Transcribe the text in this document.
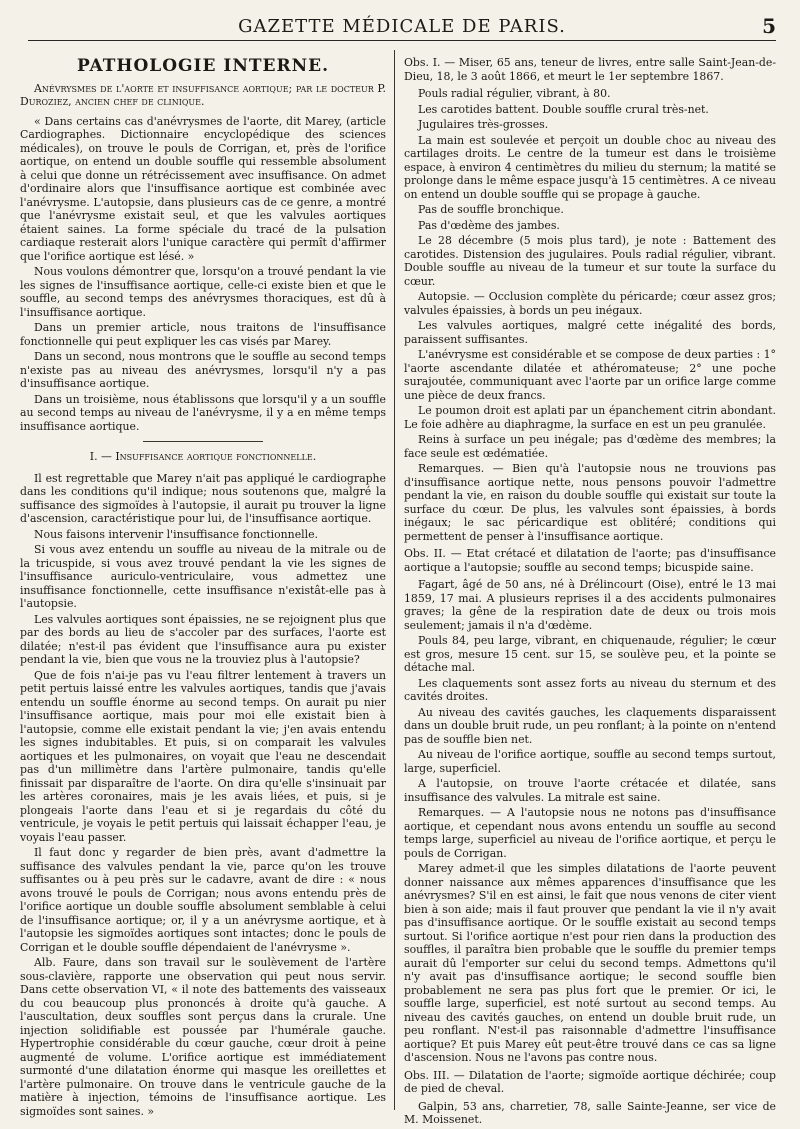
GAZETTE MÉDICALE DE PARIS.	5
PATHOLOGIE INTERNE.

Anévrysmes de l'aorte et insuffisance aortique; par le docteur P. Duroziez, ancien chef de clinique.

« Dans certains cas d'anévrysmes de l'aorte, dit Marey, (article Cardiographes. Dictionnaire encyclopédique des sciences médicales), on trouve le pouls de Corrigan, et, près de l'orifice aortique, on entend un double souffle qui ressemble absolument à celui que donne un rétrécissement avec insuffisance. On admet d'ordinaire alors que l'insuffisance aortique est combinée avec l'anévrysme. L'autopsie, dans plusieurs cas de ce genre, a montré que l'anévrysme existait seul, et que les valvules aortiques étaient saines. La forme spéciale du tracé de la pulsation cardiaque resterait alors l'unique caractère qui permît d'affirmer que l'orifice aortique est lésé. »

Nous voulons démontrer que, lorsqu'on a trouvé pendant la vie les signes de l'insuffisance aortique, celle-ci existe bien et que le souffle, au second temps des anévrysmes thoraciques, est dû à l'insuffisance aortique.

Dans un premier article, nous traitons de l'insuffisance fonctionnelle qui peut expliquer les cas visés par Marey.

Dans un second, nous montrons que le souffle au second temps n'existe pas au niveau des anévrysmes, lorsqu'il n'y a pas d'insuffisance aortique.

Dans un troisième, nous établissons que lorsqu'il y a un souffle au second temps au niveau de l'anévrysme, il y a en même temps insuffisance aortique.

I. — Insuffisance aortique fonctionnelle.

Il est regrettable que Marey n'ait pas appliqué le cardiographe dans les conditions qu'il indique; nous soutenons que, malgré la suffisance des sigmoïdes à l'autopsie, il aurait pu trouver la ligne d'ascension, caractéristique pour lui, de l'insuffisance aortique.

Nous faisons intervenir l'insuffisance fonctionnelle.

Si vous avez entendu un souffle au niveau de la mitrale ou de la tricuspide, si vous avez trouvé pendant la vie les signes de l'insuffisance auriculo-ventriculaire, vous admettez une insuffisance fonctionnelle, cette insuffisance n'existât-elle pas à l'autopsie.

Les valvules aortiques sont épaissies, ne se rejoignent plus que par des bords au lieu de s'accoler par des surfaces, l'aorte est dilatée; n'est-il pas évident que l'insuffisance aura pu exister pendant la vie, bien que vous ne la trouviez plus à l'autopsie?

Que de fois n'ai-je pas vu l'eau filtrer lentement à travers un petit pertuis laissé entre les valvules aortiques, tandis que j'avais entendu un souffle énorme au second temps. On aurait pu nier l'insuffisance aortique, mais pour moi elle existait bien à l'autopsie, comme elle existait pendant la vie; j'en avais entendu les signes indubitables. Et puis, si on comparait les valvules aortiques et les pulmonaires, on voyait que l'eau ne descendait pas d'un millimètre dans l'artère pulmonaire, tandis qu'elle finissait par disparaître de l'aorte. On dira qu'elle s'insinuait par les artères coronaires, mais je les avais liées, et puis, si je plongeais l'aorte dans l'eau et si je regardais du côté du ventricule, je voyais le petit pertuis qui laissait échapper l'eau, je voyais l'eau passer.

Il faut donc y regarder de bien près, avant d'admettre la suffisance des valvules pendant la vie, parce qu'on les trouve suffisantes ou à peu près sur le cadavre, avant de dire : « nous avons trouvé le pouls de Corrigan; nous avons entendu près de l'orifice aortique un double souffle absolument semblable à celui de l'insuffisance aortique; or, il y a un anévrysme aortique, et à l'autopsie les sigmoïdes aortiques sont intactes; donc le pouls de Corrigan et le double souffle dépendaient de l'anévrysme ».

Alb. Faure, dans son travail sur le soulèvement de l'artère sous-clavière, rapporte une observation qui peut nous servir. Dans cette observation VI, « il note des battements des vaisseaux du cou beaucoup plus prononcés à droite qu'à gauche. A l'auscultation, deux souffles sont perçus dans la crurale. Une injection solidifiable est poussée par l'humérale gauche. Hypertrophie considérable du cœur gauche, cœur droit à peine augmenté de volume. L'orifice aortique est immédiatement surmonté d'une dilatation énorme qui masque les oreillettes et l'artère pulmonaire. On trouve dans le ventricule gauche de la matière à injection, témoins de l'insuffisance aortique. Les sigmoïdes sont saines. »

Obs. I. — Miser, 65 ans, teneur de livres, entre salle Saint-Jean-de-Dieu, 18, le 3 août 1866, et meurt le 1er septembre 1867.

Pouls radial régulier, vibrant, à 80.

Les carotides battent. Double souffle crural très-net.

Jugulaires très-grosses.

La main est soulevée et perçoit un double choc au niveau des cartilages droits. Le centre de la tumeur est dans le troisième espace, à environ 4 centimètres du milieu du sternum; la matité se prolonge dans le même espace jusqu'à 15 centimètres. A ce niveau on entend un double souffle qui se propage à gauche.

Pas de souffle bronchique.

Pas d'œdème des jambes.

Le 28 décembre (5 mois plus tard), je note : Battement des carotides. Distension des jugulaires. Pouls radial régulier, vibrant. Double souffle au niveau de la tumeur et sur toute la surface du cœur.

Autopsie. — Occlusion complète du péricarde; cœur assez gros; valvules épaissies, à bords un peu inégaux.

Les valvules aortiques, malgré cette inégalité des bords, paraissent suffisantes.

L'anévrysme est considérable et se compose de deux parties : 1° l'aorte ascendante dilatée et athéromateuse; 2° une poche surajoutée, communiquant avec l'aorte par un orifice large comme une pièce de deux francs.

Le poumon droit est aplati par un épanchement citrin abondant. Le foie adhère au diaphragme, la surface en est un peu granulée.

Reins à surface un peu inégale; pas d'œdème des membres; la face seule est œdématiée.

Remarques. — Bien qu'à l'autopsie nous ne trouvions pas d'insuffisance aortique nette, nous pensons pouvoir l'admettre pendant la vie, en raison du double souffle qui existait sur toute la surface du cœur. De plus, les valvules sont épaissies, à bords inégaux; le sac péricardique est oblitéré; conditions qui permettent de penser à l'insuffisance aortique.

Obs. II. — Etat crétacé et dilatation de l'aorte; pas d'insuffisance aortique a l'autopsie; souffle au second temps; bicuspide saine.

Fagart, âgé de 50 ans, né à Drélincourt (Oise), entré le 13 mai 1859, 17 mai. A plusieurs reprises il a des accidents pulmonaires graves; la gêne de la respiration date de deux ou trois mois seulement; jamais il n'a d'œdème.

Pouls 84, peu large, vibrant, en chiquenaude, régulier; le cœur est gros, mesure 15 cent. sur 15, se soulève peu, et la pointe se détache mal.

Les claquements sont assez forts au niveau du sternum et des cavités droites.

Au niveau des cavités gauches, les claquements disparaissent dans un double bruit rude, un peu ronflant; à la pointe on n'entend pas de souffle bien net.

Au niveau de l'orifice aortique, souffle au second temps surtout, large, superficiel.

A l'autopsie, on trouve l'aorte crétacée et dilatée, sans insuffisance des valvules. La mitrale est saine.

Remarques. — A l'autopsie nous ne notons pas d'insuffisance aortique, et cependant nous avons entendu un souffle au second temps large, superficiel au niveau de l'orifice aortique, et perçu le pouls de Corrigan.

Marey admet-il que les simples dilatations de l'aorte peuvent donner naissance aux mêmes apparences d'insuffisance que les anévrysmes? S'il en est ainsi, le fait que nous venons de citer vient bien à son aide; mais il faut prouver que pendant la vie il n'y avait pas d'insuffisance aortique. Or le souffle existait au second temps surtout. Si l'orifice aortique n'est pour rien dans la production des souffles, il paraîtra bien probable que le souffle du premier temps aurait dû l'emporter sur celui du second temps. Admettons qu'il n'y avait pas d'insuffisance aortique; le second souffle bien probablement ne sera pas plus fort que le premier. Or ici, le souffle large, superficiel, est noté surtout au second temps. Au niveau des cavités gauches, on entend un double bruit rude, un peu ronflant. N'est-il pas raisonnable d'admettre l'insuffisance aortique? Et puis Marey eût peut-être trouvé dans ce cas sa ligne d'ascension. Nous ne l'avons pas contre nous.

Obs. III. — Dilatation de l'aorte; sigmoïde aortique déchirée; coup de pied de cheval.

Galpin, 53 ans, charretier, 78, salle Sainte-Jeanne, ser vice de M. Moissenet.
